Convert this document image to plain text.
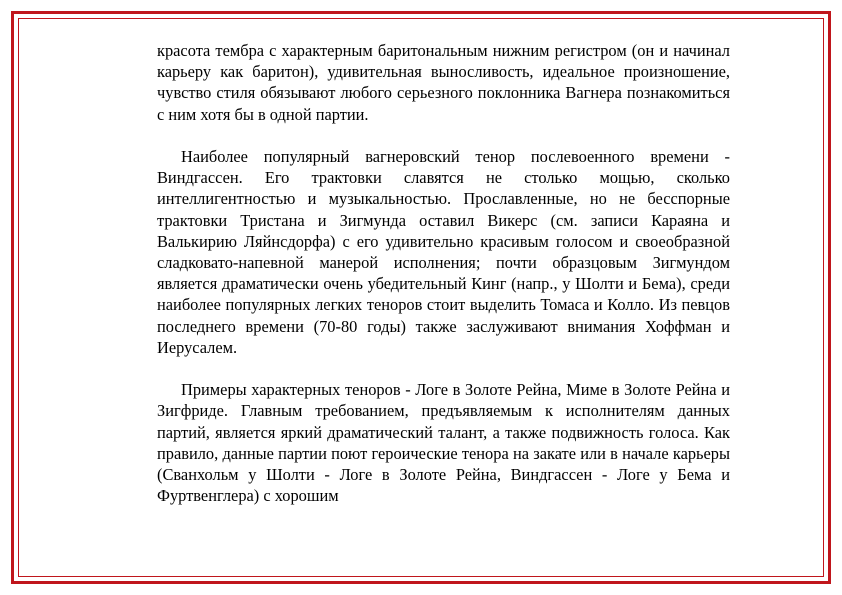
красота тембра с характерным баритональным нижним регистром (он и начинал карьеру как баритон), удивительная выносливость, идеальное произношение, чувство стиля обязывают любого серьезного поклонника Вагнера познакомиться с ним хотя бы в одной партии.

Наиболее популярный вагнеровский тенор послевоенного времени - Виндгассен. Его трактовки славятся не столько мощью, сколько интеллигентностью и музыкальностью. Прославленные, но не бесспорные трактовки Тристана и Зигмунда оставил Викерс (см. записи Караяна и Валькирию Ляйнсдорфа) с его удивительно красивым голосом и своеобразной сладковато-напевной манерой исполнения; почти образцовым Зигмундом является драматически очень убедительный Кинг (напр., у Шолти и Бема), среди наиболее популярных легких теноров стоит выделить Томаса и Колло. Из певцов последнего времени (70-80 годы) также заслуживают внимания Хоффман и Иерусалем.

Примеры характерных теноров - Логе в Золоте Рейна, Миме в Золоте Рейна и Зигфриде. Главным требованием, предъявляемым к исполнителям данных партий, является яркий драматический талант, а также подвижность голоса. Как правило, данные партии поют героические тенора на закате или в начале карьеры (Сванхольм у Шолти - Логе в Золоте Рейна, Виндгассен - Логе у Бема и Фуртвенглера) с хорошим
